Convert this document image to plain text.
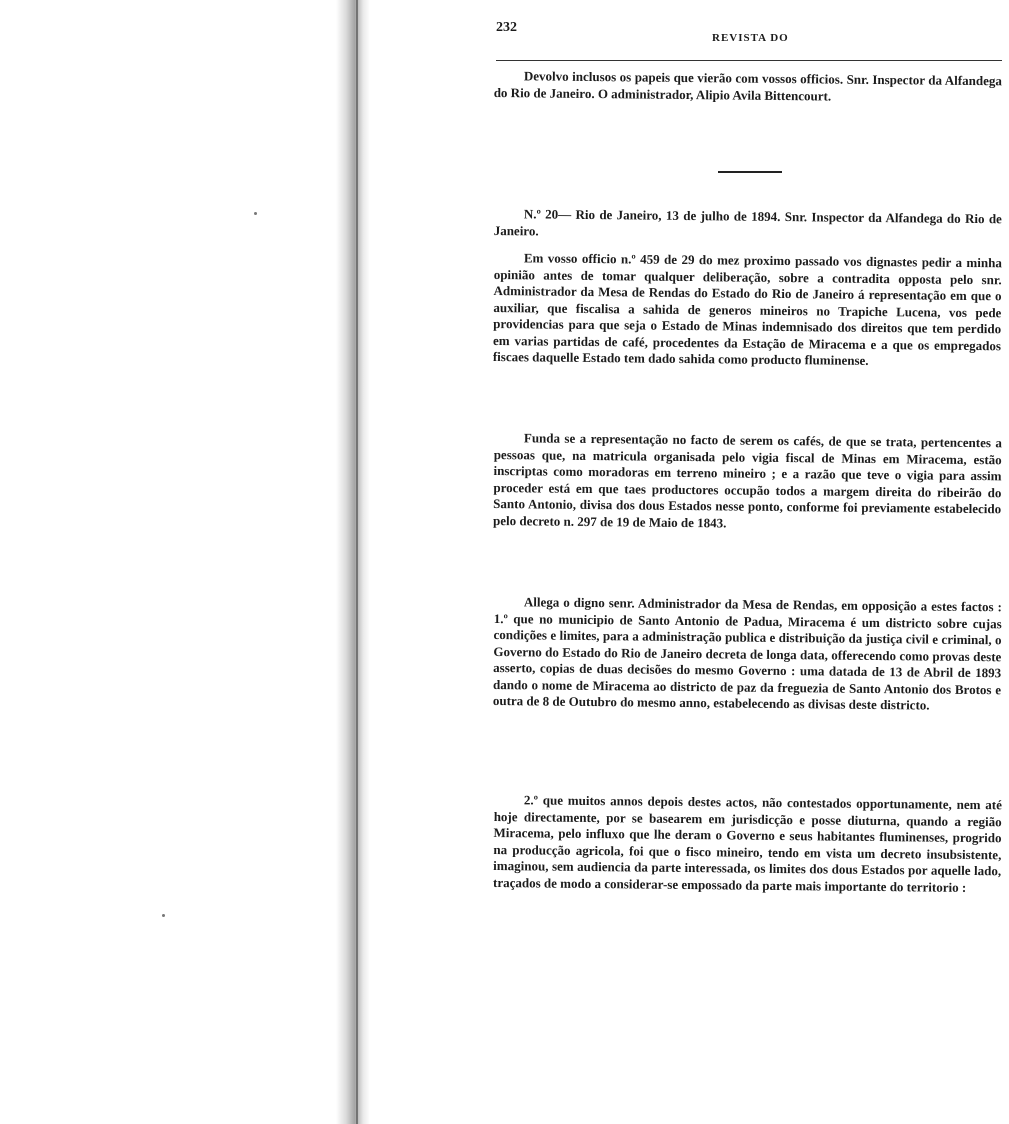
232
REVISTA DO

Devolvo inclusos os papeis que vierão com vossos officios. Snr. Inspector da Alfandega do Rio de Janeiro. O administrador, Alipio Avila Bittencourt.

N.º 20— Rio de Janeiro, 13 de julho de 1894. Snr. Inspector da Alfandega do Rio de Janeiro.

Em vosso officio n.º 459 de 29 do mez proximo passado vos dignastes pedir a minha opinião antes de tomar qualquer deliberação, sobre a contradita opposta pelo snr. Administrador da Mesa de Rendas do Estado do Rio de Janeiro á representação em que o auxiliar, que fiscalisa a sahida de generos mineiros no Trapiche Lucena, vos pede providencias para que seja o Estado de Minas indemnisado dos direitos que tem perdido em varias partidas de café, procedentes da Estação de Miracema e a que os empregados fiscaes daquelle Estado tem dado sahida como producto fluminense.

Funda se a representação no facto de serem os cafés, de que se trata, pertencentes a pessoas que, na matricula organisada pelo vigia fiscal de Minas em Miracema, estão inscriptas como moradoras em terreno mineiro ; e a razão que teve o vigia para assim proceder está em que taes productores occupão todos a margem direita do ribeirão do Santo Antonio, divisa dos dous Estados nesse ponto, conforme foi previamente estabelecido pelo decreto n. 297 de 19 de Maio de 1843.

Allega o digno senr. Administrador da Mesa de Rendas, em opposição a estes factos : 1.º que no municipio de Santo Antonio de Padua, Miracema é um districto sobre cujas condições e limites, para a administração publica e distribuição da justiça civil e criminal, o Governo do Estado do Rio de Janeiro decreta de longa data, offerecendo como provas deste asserto, copias de duas decisões do mesmo Governo : uma datada de 13 de Abril de 1893 dando o nome de Miracema ao districto de paz da freguezia de Santo Antonio dos Brotos e outra de 8 de Outubro do mesmo anno, estabelecendo as divisas deste districto.

2.º que muitos annos depois destes actos, não contestados opportunamente, nem até hoje directamente, por se basearem em jurisdicção e posse diuturna, quando a região Miracema, pelo influxo que lhe deram o Governo e seus habitantes fluminenses, progrido na producção agricola, foi que o fisco mineiro, tendo em vista um decreto insubsistente, imaginou, sem audiencia da parte interessada, os limites dos dous Estados por aquelle lado, traçados de modo a considerar-se empossado da parte mais importante do territorio :
